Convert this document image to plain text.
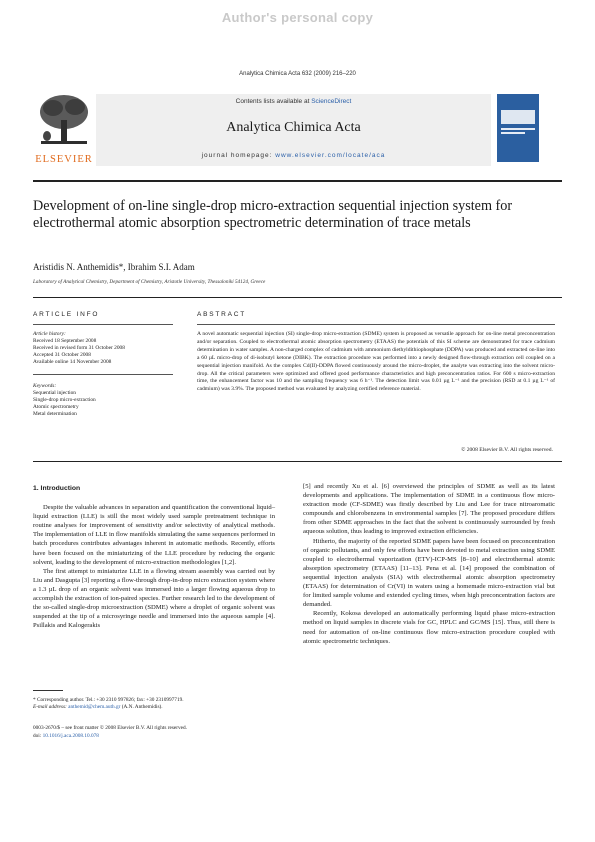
Author's personal copy
Analytica Chimica Acta 632 (2009) 216–220
ELSEVIER
Contents lists available at ScienceDirect
Analytica Chimica Acta
journal homepage: www.elsevier.com/locate/aca
Development of on-line single-drop micro-extraction sequential injection system for electrothermal atomic absorption spectrometric determination of trace metals
Aristidis N. Anthemidis*, Ibrahim S.I. Adam
Laboratory of Analytical Chemistry, Department of Chemistry, Aristotle University, Thessaloniki 54124, Greece
ARTICLE INFO
Article history:
Received 18 September 2008
Received in revised form 31 October 2008
Accepted 31 October 2008
Available online 14 November 2008
Keywords:
Sequential injection
Single-drop micro-extraction
Atomic spectrometry
Metal determination
ABSTRACT
A novel automatic sequential injection (SI) single-drop micro-extraction (SDME) system is proposed as versatile approach for on-line metal preconcentration and/or separation. Coupled to electrothermal atomic absorption spectrometry (ETAAS) the potentials of this SI scheme are demonstrated for trace cadmium determination in water samples. A non-charged complex of cadmium with ammonium diethyldithiophosphate (DDPA) was produced and extracted on-line into a 60 µL micro-drop of di-isobutyl ketone (DIBK). The extraction procedure was performed into a newly designed flow-through extraction cell coupled on a sequential injection manifold. As the complex Cd(II)-DDPA flowed continuously around the micro-droplet, the analyte was extracting into the solvent micro-drop. All the critical parameters were optimized and offered good performance characteristics and high preconcentration ratios. For 600 s micro-extraction time, the enhancement factor was 10 and the sampling frequency was 6 h⁻¹. The detection limit was 0.01 µg L⁻¹ and the precision (RSD at 0.1 µg L⁻¹ of cadmium) was 3.9%. The proposed method was evaluated by analyzing certified reference material.
© 2008 Elsevier B.V. All rights reserved.

1. Introduction

Despite the valuable advances in separation and quantification the conventional liquid–liquid extraction (LLE) is still the most widely used sample pretreatment technique in routine analyses for improvement of sensitivity and/or selectivity of analytical methods. The implementation of LLE in flow manifolds simulating the same sequences performed in batch procedures contributes advantages inherent in automatic methods. Recently, efforts have been focused on the miniaturizing of the LLE procedure by reducing the organic solvent, leading to the development of micro-extraction methodologies [1,2].

The first attempt to miniaturize LLE in a flowing stream assembly was carried out by Liu and Dasgupta [3] reporting a flow-through drop-in-drop micro extraction system where a 1.3 µL drop of an organic solvent was immersed into a larger flowing aqueous drop to accomplish the extraction of ion-paired species. Further research led to the development of the so-called single-drop microextraction (SDME) where a droplet of organic solvent was suspended at the tip of a microsyringe needle and immersed into the aqueous sample [4]. Psillakis and Kalogerakis

[5] and recently Xu et al. [6] overviewed the principles of SDME as well as its latest developments and applications. The implementation of SDME in a continuous flow micro-extraction mode (CF-SDME) was firstly described by Liu and Lee for trace nitroaromatic compounds and chlorobenzens in environmental samples [7]. The proposed procedure differs from other SDME approaches in the fact that the solvent is continuously surrounded by fresh aqueous solution, thus leading to improved extraction efficiencies.

Hitherto, the majority of the reported SDME papers have been focused on preconcentration of organic pollutants, and only few efforts have been devoted to metal extraction using SDME coupled to electrothermal vaporization (ETV)-ICP-MS [8–10] and electrothermal atomic absorption spectrometry (ETAAS) [11–13]. Pena et al. [14] proposed the combination of sequential injection analysis (SIA) with electrothermal atomic absorption spectrometry (ETAAS) for determination of Cr(VI) in waters using a homemade micro-extraction vial but for limited sample volume and extended cycling times, when high preconcentration factors are demanded.

Recently, Kokosa developed an automatically performing liquid phase micro-extraction method on liquid samples in discrete vials for GC, HPLC and GC/MS [15]. Thus, still there is need for automation of on-line continuous flow micro-extraction procedure coupled with atomic spectrometric techniques.

* Corresponding author. Tel.: +30 2310 997826; fax: +30 2310997719.
E-mail address: anthemid@chem.auth.gr (A.N. Anthemidis).
0003-2670/$ – see front matter © 2008 Elsevier B.V. All rights reserved.
doi: 10.1016/j.aca.2008.10.078
